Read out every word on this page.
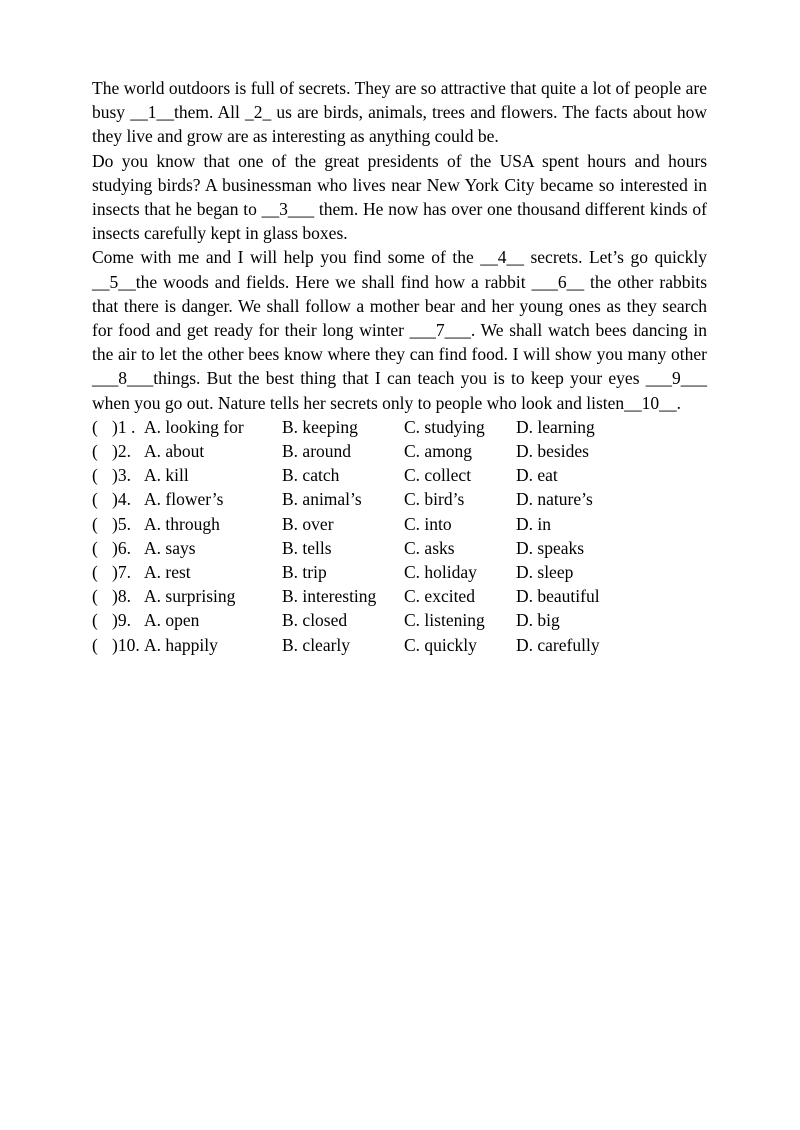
The world outdoors is full of secrets. They are so attractive that quite a lot of people are busy __1__them. All _2_ us are birds, animals, trees and flowers. The facts about how they live and grow are as interesting as anything could be.

Do you know that one of the great presidents of the USA spent hours and hours studying birds? A businessman who lives near New York City became so interested in insects that he began to __3___ them. He now has over one thousand different kinds of insects carefully kept in glass boxes.

Come with me and I will help you find some of the __4__ secrets. Let’s go quickly __5__the woods and fields. Here we shall find how a rabbit ___6__ the other rabbits that there is danger. We shall follow a mother bear and her young ones as they search for food and get ready for their long winter ___7___. We shall watch bees dancing in the air to let the other bees know where they can find food. I will show you many other ___8___things. But the best thing that I can teach you is to keep your eyes ___9___ when you go out. Nature tells her secrets only to people who look and listen__10__.

( )1 . A. looking for B. keeping	C. studying D. learning
( )2. A. about	B. around	C. among	D. besides
( )3. A. kill	B. catch	C. collect	D. eat
( )4. A. flower’s	B. animal’s C. bird’s	D. nature’s
( )5. A. through	B. over	C. into	D. in
( )6. A. says	B. tells	C. asks	D. speaks
( )7. A. rest	B. trip	C. holiday D. sleep
( )8. A. surprising	B. interesting C. excited D. beautiful
( )9. A. open	B. closed	C. listening D. big
( )10. A. happily	B. clearly	C. quickly D. carefully
